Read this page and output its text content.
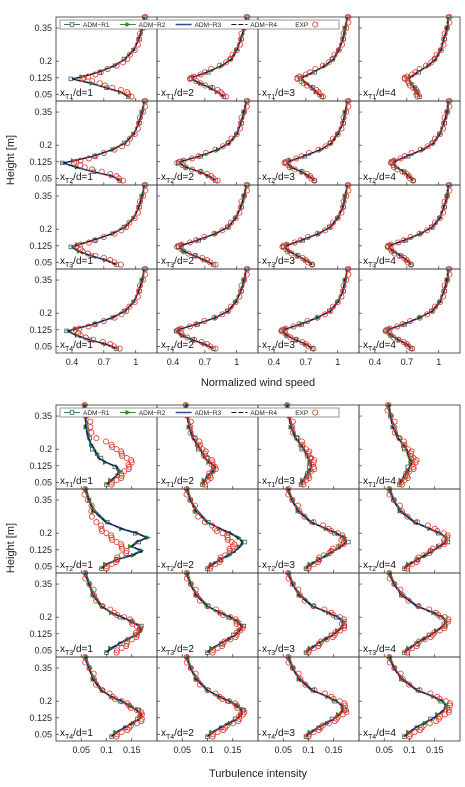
$x_{T1}/d=1$	$x_{T1}/d=2$	$x_{T1}/d=3$	$x_{T1}/d=4$
0.05
0.125
0.2
0.35
$x_{T2}/d=1$	$x_{T2}/d=2$	$x_{T2}/d=3$	$x_{T2}/d=4$
0.05
0.125
0.2
0.35
$x_{T3}/d=1$	$x_{T3}/d=2$	$x_{T3}/d=3$	$x_{T3}/d=4$
0.05
0.125
0.2
0.35
$x_{T4}/d=1$	$x_{T4}/d=2$	$x_{T4}/d=3$	$x_{T4}/d=4$
0.05
0.125
0.2
0.35
0.4 0.7	1	0.4 0.7	1	0.4 0.7	1	0.4 0.7	1
Normalized wind speed
Height [m]
ADM−R1	ADM−R2	ADM−R3	ADM−R4	EXP
$x_{T1}/d=1$	$x_{T1}/d=2$	$x_{T1}/d=3$	$x_{T1}/d=4$
0.05
0.125
0.2
0.35
$x_{T2}/d=1$	$x_{T2}/d=2$	$x_{T2}/d=3$	$x_{T2}/d=4$
0.05
0.125
0.2
0.35
$x_{T3}/d=1$	$x_{T3}/d=2$	$x_{T3}/d=3$	$x_{T3}/d=4$
0.05
0.125
0.2
0.35
$x_{T4}/d=1$	$x_{T4}/d=2$	$x_{T4}/d=3$	$x_{T4}/d=4$
0.05
0.125
0.2
0.35
0.05 0.1 0.15	0.05 0.1 0.15	0.05 0.1 0.15	0.05 0.1 0.15
Turbulence intensity
Height [m]
ADM−R1	ADM−R2	ADM−R3	ADM−R4	EXP
